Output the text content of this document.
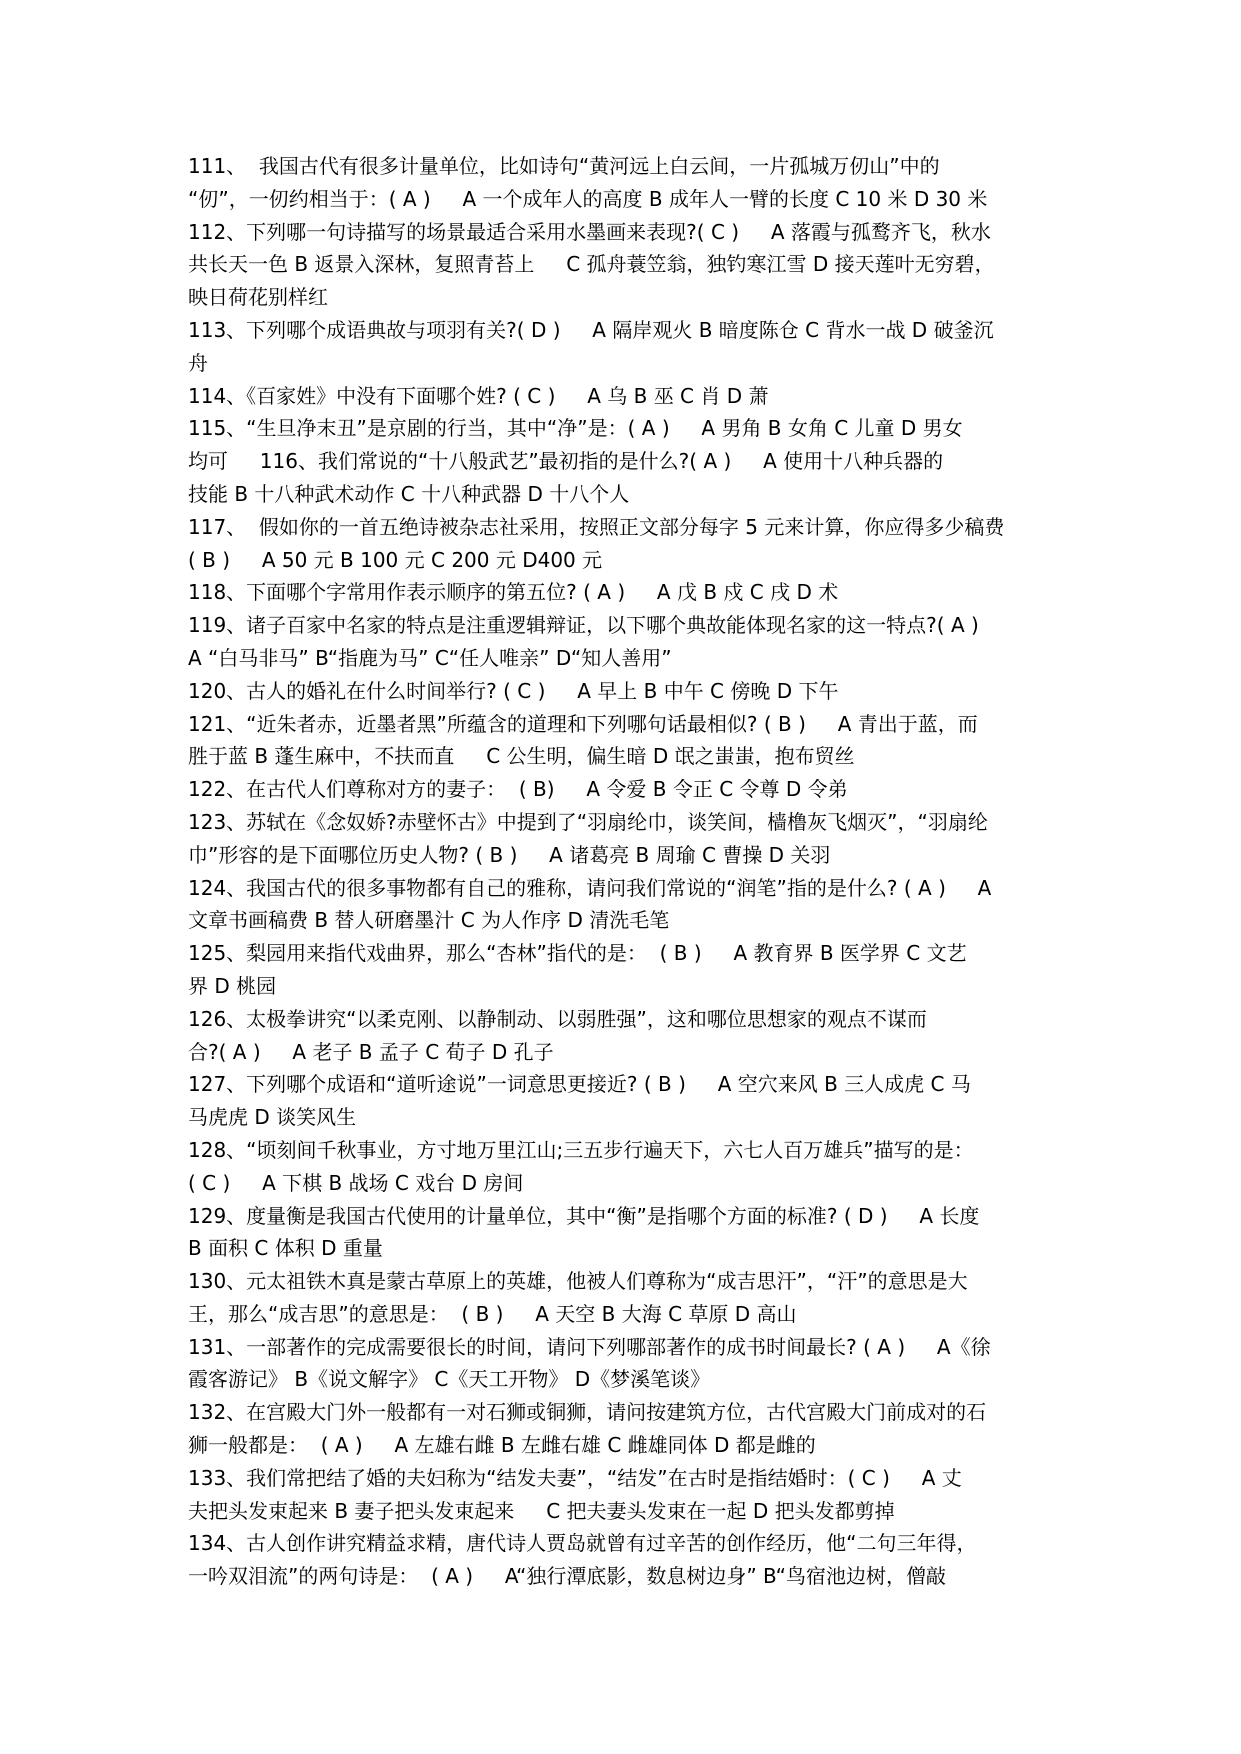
111、  我国古代有很多计量单位，比如诗句“黄河远上白云间，一片孤城万仞山”中的
“仞”，一仞约相当于：( A )     A 一个成年人的高度 B 成年人一臂的长度 C 10 米 D 30 米
112、下列哪一句诗描写的场景最适合采用水墨画来表现?( C )     A 落霞与孤鹜齐飞，秋水
共长天一色 B 返景入深林，复照青苔上     C 孤舟蓑笠翁，独钓寒江雪 D 接天莲叶无穷碧，
映日荷花别样红
113、下列哪个成语典故与项羽有关?( D )     A 隔岸观火 B 暗度陈仓 C 背水一战 D 破釜沉
舟
114、《百家姓》中没有下面哪个姓? ( C )     A 乌 B 巫 C 肖 D 萧
115、“生旦净末丑”是京剧的行当，其中“净”是：( A )     A 男角 B 女角 C 儿童 D 男女
均可     116、我们常说的“十八般武艺”最初指的是什么?( A )     A 使用十八种兵器的
技能 B 十八种武术动作 C 十八种武器 D 十八个人
117、  假如你的一首五绝诗被杂志社采用，按照正文部分每字 5 元来计算，你应得多少稿费
( B )     A 50 元 B 100 元 C 200 元 D400 元
118、下面哪个字常用作表示顺序的第五位? ( A )     A 戊 B 戍 C 戌 D 术
119、诸子百家中名家的特点是注重逻辑辩证，以下哪个典故能体现名家的这一特点?( A )
A “白马非马” B“指鹿为马” C“任人唯亲” D“知人善用”
120、古人的婚礼在什么时间举行? ( C )     A 早上 B 中午 C 傍晚 D 下午
121、“近朱者赤，近墨者黑”所蕴含的道理和下列哪句话最相似? ( B )     A 青出于蓝，而
胜于蓝 B 蓬生麻中，不扶而直     C 公生明，偏生暗 D 氓之蚩蚩，抱布贸丝
122、在古代人们尊称对方的妻子：  ( B)     A 令爱 B 令正 C 令尊 D 令弟
123、苏轼在《念奴娇?赤壁怀古》中提到了“羽扇纶巾，谈笑间，樯橹灰飞烟灭”，“羽扇纶
巾”形容的是下面哪位历史人物? ( B )     A 诸葛亮 B 周瑜 C 曹操 D 关羽
124、我国古代的很多事物都有自己的雅称，请问我们常说的“润笔”指的是什么? ( A )     A
文章书画稿费 B 替人研磨墨汁 C 为人作序 D 清洗毛笔
125、梨园用来指代戏曲界，那么“杏林”指代的是：  ( B )     A 教育界 B 医学界 C 文艺
界 D 桃园
126、太极拳讲究“以柔克刚、以静制动、以弱胜强”，这和哪位思想家的观点不谋而
合?( A )     A 老子 B 孟子 C 荀子 D 孔子
127、下列哪个成语和“道听途说”一词意思更接近? ( B )     A 空穴来风 B 三人成虎 C 马
马虎虎 D 谈笑风生
128、“顷刻间千秋事业，方寸地万里江山;三五步行遍天下，六七人百万雄兵”描写的是：
( C )     A 下棋 B 战场 C 戏台 D 房间
129、度量衡是我国古代使用的计量单位，其中“衡”是指哪个方面的标准? ( D )     A 长度
B 面积 C 体积 D 重量
130、元太祖铁木真是蒙古草原上的英雄，他被人们尊称为“成吉思汗”，“汗”的意思是大
王，那么“成吉思”的意思是：  ( B )     A 天空 B 大海 C 草原 D 高山
131、一部著作的完成需要很长的时间，请问下列哪部著作的成书时间最长? ( A )     A《徐
霞客游记》 B《说文解字》 C《天工开物》 D《梦溪笔谈》
132、在宫殿大门外一般都有一对石狮或铜狮，请问按建筑方位，古代宫殿大门前成对的石
狮一般都是：  ( A )     A 左雄右雌 B 左雌右雄 C 雌雄同体 D 都是雌的
133、我们常把结了婚的夫妇称为“结发夫妻”，“结发”在古时是指结婚时：( C )     A 丈
夫把头发束起来 B 妻子把头发束起来     C 把夫妻头发束在一起 D 把头发都剪掉
134、古人创作讲究精益求精，唐代诗人贾岛就曾有过辛苦的创作经历，他“二句三年得，
一吟双泪流”的两句诗是：  ( A )     A“独行潭底影，数息树边身” B“鸟宿池边树，僧敲
